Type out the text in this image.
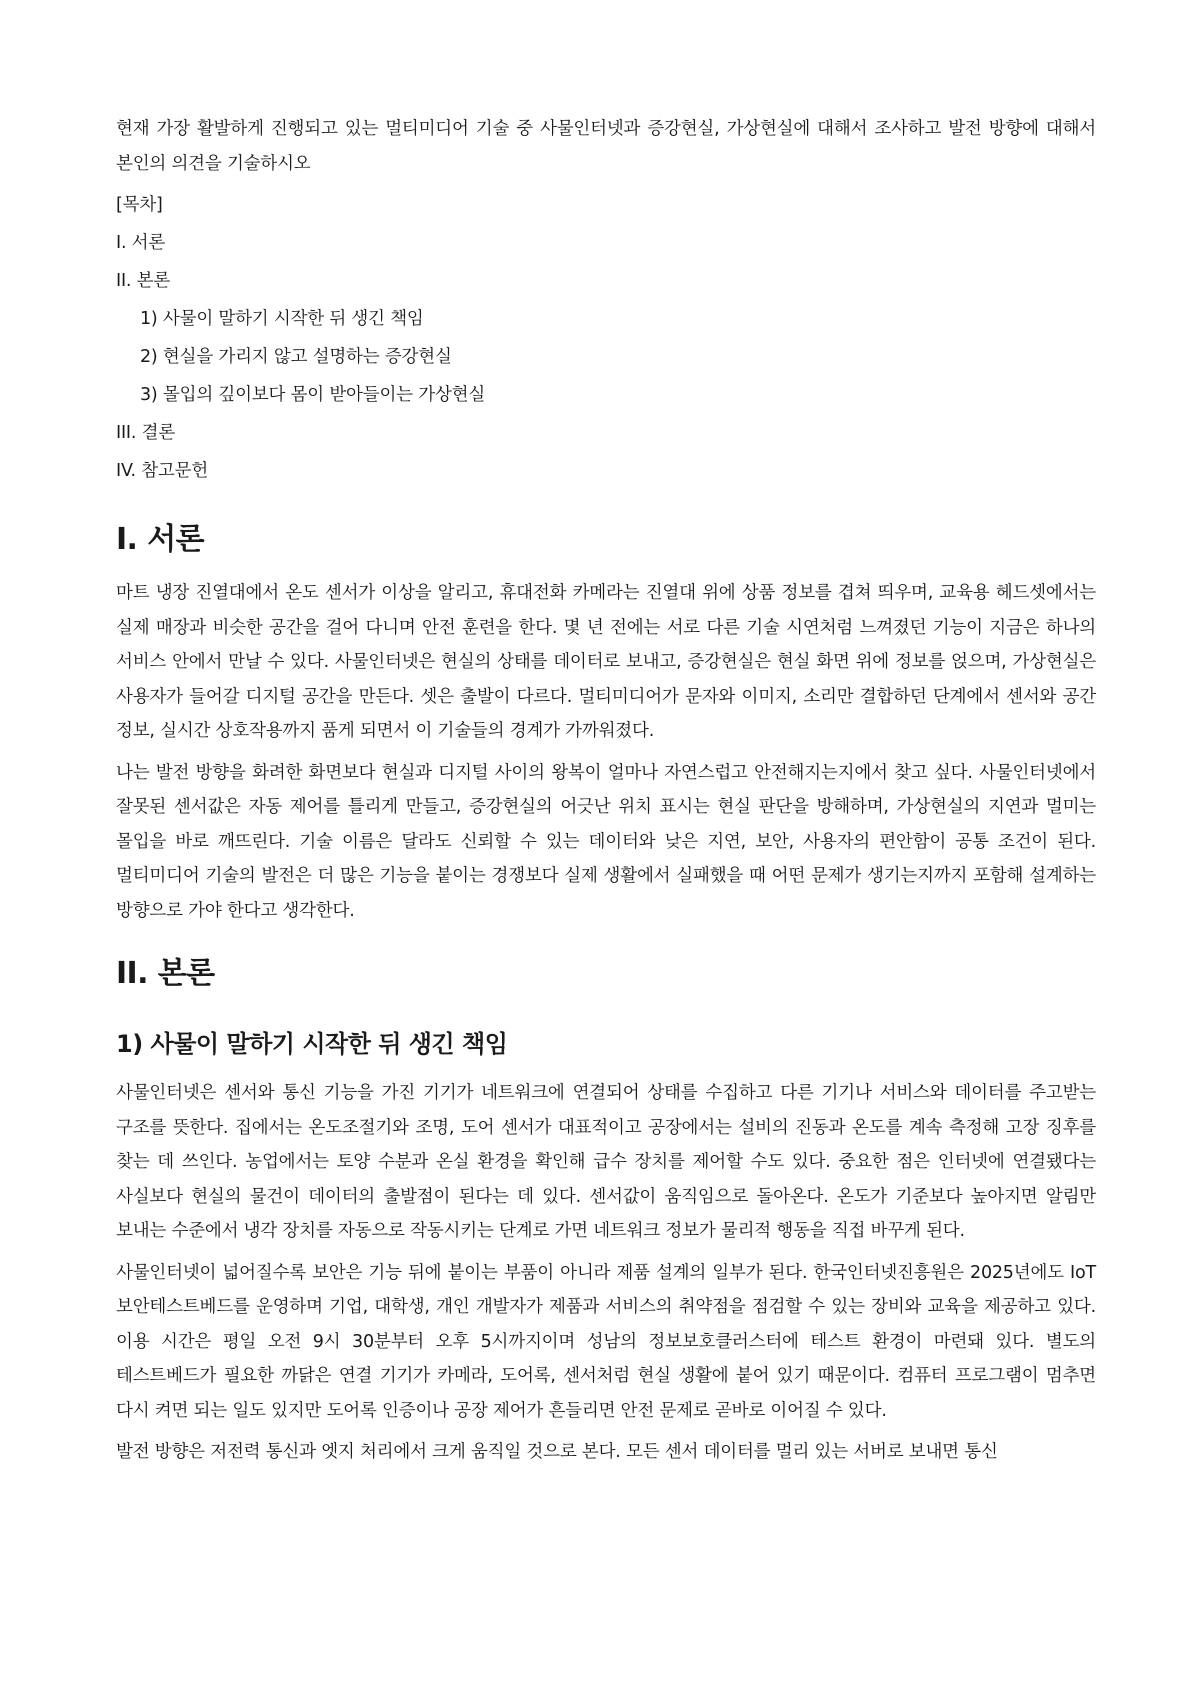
현재 가장 활발하게 진행되고 있는 멀티미디어 기술 중 사물인터넷과 증강현실, 가상현실에 대해서 조사하고 발전 방향에 대해서 본인의 의견을 기술하시오

[목차]
I. 서론
II. 본론
1) 사물이 말하기 시작한 뒤 생긴 책임
2) 현실을 가리지 않고 설명하는 증강현실
3) 몰입의 깊이보다 몸이 받아들이는 가상현실
III. 결론
IV. 참고문헌
I. 서론

마트 냉장 진열대에서 온도 센서가 이상을 알리고, 휴대전화 카메라는 진열대 위에 상품 정보를 겹쳐 띄우며, 교육용 헤드셋에서는 실제 매장과 비슷한 공간을 걸어 다니며 안전 훈련을 한다. 몇 년 전에는 서로 다른 기술 시연처럼 느껴졌던 기능이 지금은 하나의 서비스 안에서 만날 수 있다. 사물인터넷은 현실의 상태를 데이터로 보내고, 증강현실은 현실 화면 위에 정보를 얹으며, 가상현실은 사용자가 들어갈 디지털 공간을 만든다. 셋은 출발이 다르다. 멀티미디어가 문자와 이미지, 소리만 결합하던 단계에서 센서와 공간 정보, 실시간 상호작용까지 품게 되면서 이 기술들의 경계가 가까워졌다.

나는 발전 방향을 화려한 화면보다 현실과 디지털 사이의 왕복이 얼마나 자연스럽고 안전해지는지에서 찾고 싶다. 사물인터넷에서 잘못된 센서값은 자동 제어를 틀리게 만들고, 증강현실의 어긋난 위치 표시는 현실 판단을 방해하며, 가상현실의 지연과 멀미는 몰입을 바로 깨뜨린다. 기술 이름은 달라도 신뢰할 수 있는 데이터와 낮은 지연, 보안, 사용자의 편안함이 공통 조건이 된다. 멀티미디어 기술의 발전은 더 많은 기능을 붙이는 경쟁보다 실제 생활에서 실패했을 때 어떤 문제가 생기는지까지 포함해 설계하는 방향으로 가야 한다고 생각한다.

II. 본론
1) 사물이 말하기 시작한 뒤 생긴 책임

사물인터넷은 센서와 통신 기능을 가진 기기가 네트워크에 연결되어 상태를 수집하고 다른 기기나 서비스와 데이터를 주고받는 구조를 뜻한다. 집에서는 온도조절기와 조명, 도어 센서가 대표적이고 공장에서는 설비의 진동과 온도를 계속 측정해 고장 징후를 찾는 데 쓰인다. 농업에서는 토양 수분과 온실 환경을 확인해 급수 장치를 제어할 수도 있다. 중요한 점은 인터넷에 연결됐다는 사실보다 현실의 물건이 데이터의 출발점이 된다는 데 있다. 센서값이 움직임으로 돌아온다. 온도가 기준보다 높아지면 알림만 보내는 수준에서 냉각 장치를 자동으로 작동시키는 단계로 가면 네트워크 정보가 물리적 행동을 직접 바꾸게 된다.

사물인터넷이 넓어질수록 보안은 기능 뒤에 붙이는 부품이 아니라 제품 설계의 일부가 된다. 한국인터넷진흥원은 2025년에도 IoT 보안테스트베드를 운영하며 기업, 대학생, 개인 개발자가 제품과 서비스의 취약점을 점검할 수 있는 장비와 교육을 제공하고 있다. 이용 시간은 평일 오전 9시 30분부터 오후 5시까지이며 성남의 정보보호클러스터에 테스트 환경이 마련돼 있다. 별도의 테스트베드가 필요한 까닭은 연결 기기가 카메라, 도어록, 센서처럼 현실 생활에 붙어 있기 때문이다. 컴퓨터 프로그램이 멈추면 다시 켜면 되는 일도 있지만 도어록 인증이나 공장 제어가 흔들리면 안전 문제로 곧바로 이어질 수 있다.

발전 방향은 저전력 통신과 엣지 처리에서 크게 움직일 것으로 본다. 모든 센서 데이터를 멀리 있는 서버로 보내면 통신
